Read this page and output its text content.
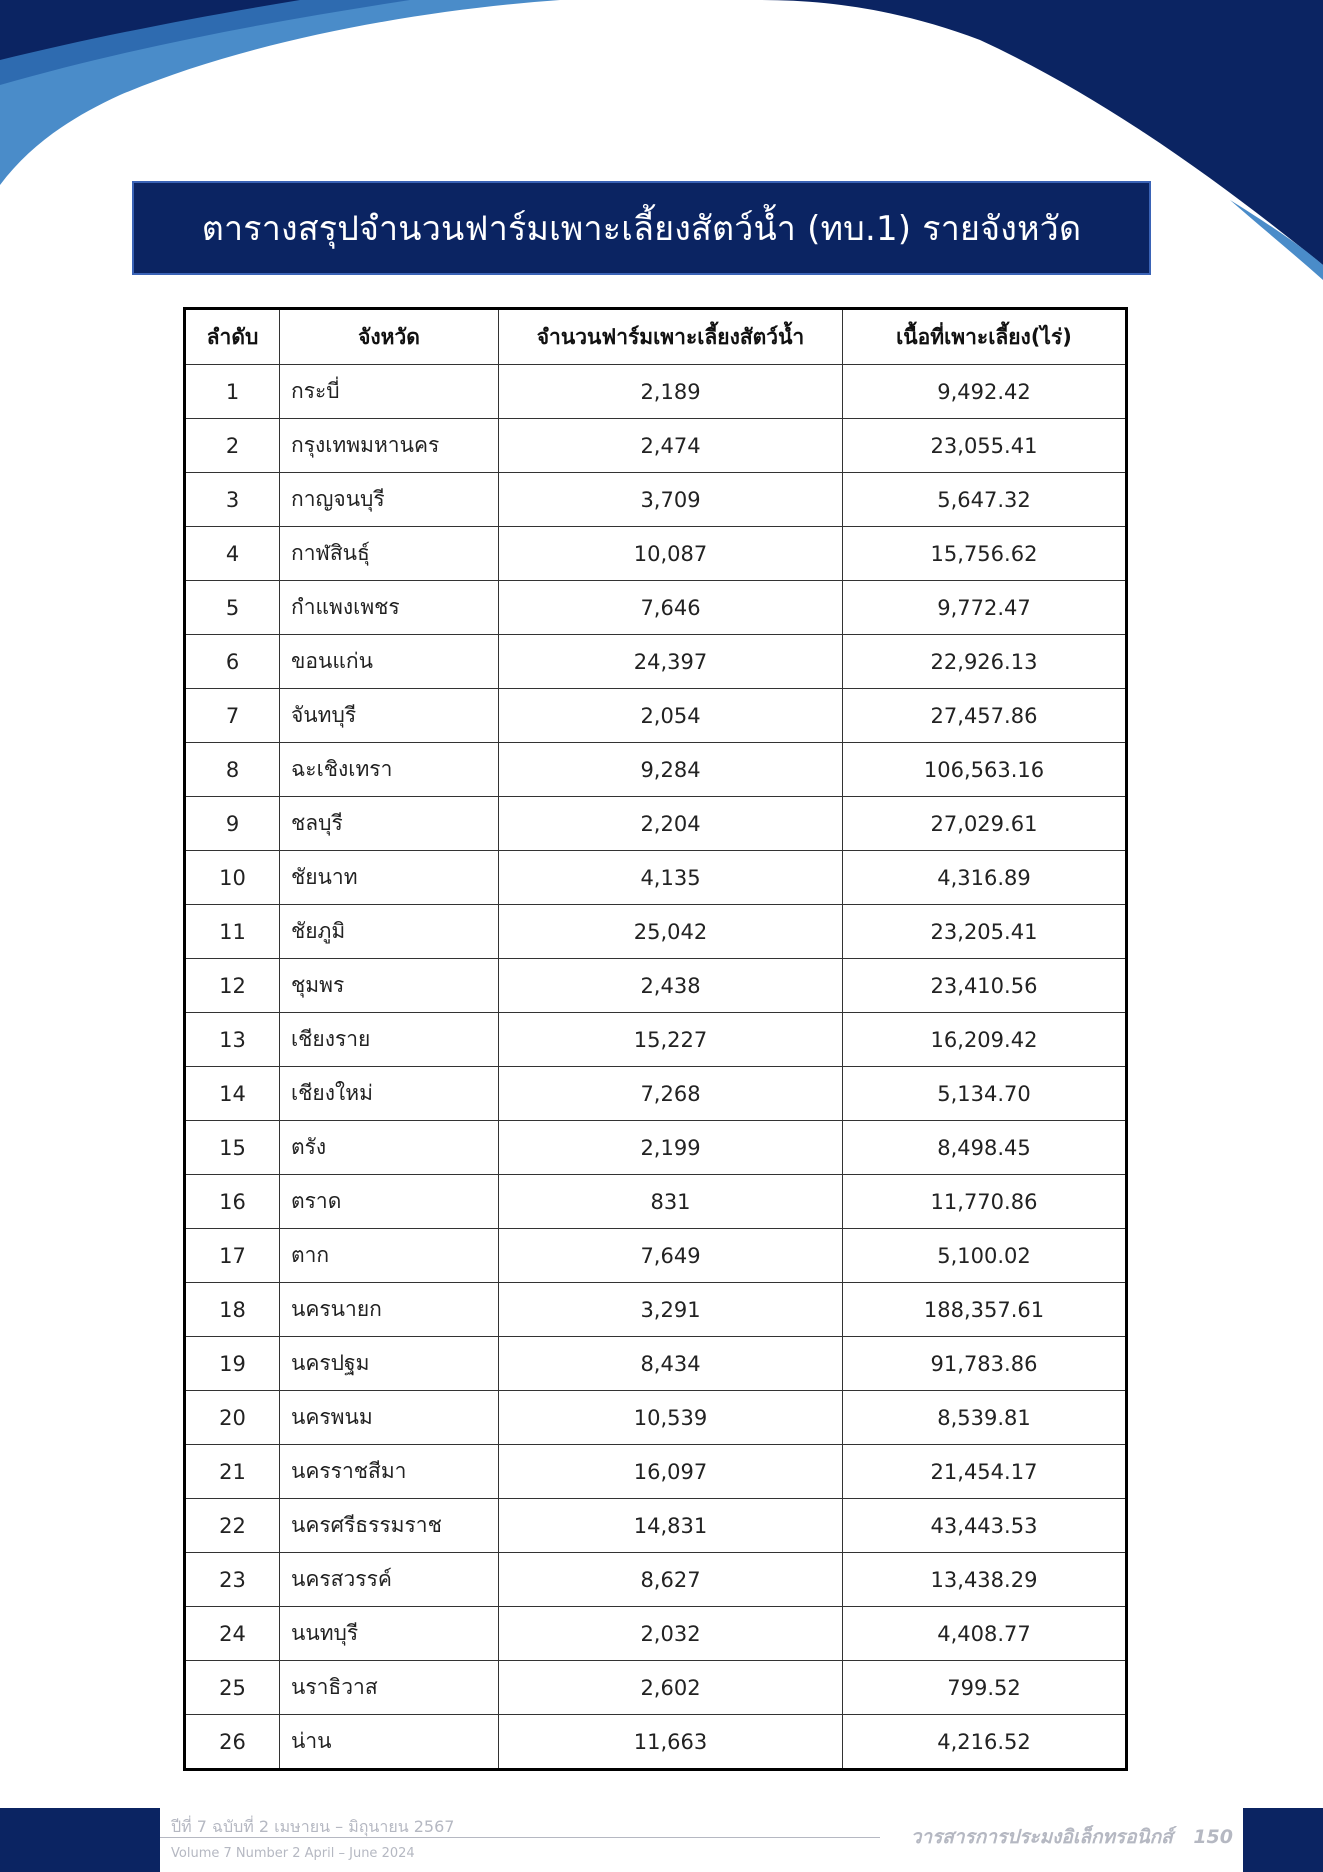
ตารางสรุปจำนวนฟาร์มเพาะเลี้ยงสัตว์น้ำ (ทบ.1) รายจังหวัด
ลำดับ	จังหวัด	จำนวนฟาร์มเพาะเลี้ยงสัตว์น้ำ	เนื้อที่เพาะเลี้ยง(ไร่)
1	กระบี่	2,189	9,492.42
2	กรุงเทพมหานคร	2,474	23,055.41
3	กาญจนบุรี	3,709	5,647.32
4	กาฬสินธุ์	10,087	15,756.62
5	กำแพงเพชร	7,646	9,772.47
6	ขอนแก่น	24,397	22,926.13
7	จันทบุรี	2,054	27,457.86
8	ฉะเชิงเทรา	9,284	106,563.16
9	ชลบุรี	2,204	27,029.61
10	ชัยนาท	4,135	4,316.89
11	ชัยภูมิ	25,042	23,205.41
12	ชุมพร	2,438	23,410.56
13	เชียงราย	15,227	16,209.42
14	เชียงใหม่	7,268	5,134.70
15	ตรัง	2,199	8,498.45
16	ตราด	831	11,770.86
17	ตาก	7,649	5,100.02
18	นครนายก	3,291	188,357.61
19	นครปฐม	8,434	91,783.86
20	นครพนม	10,539	8,539.81
21	นครราชสีมา	16,097	21,454.17
22	นครศรีธรรมราช	14,831	43,443.53
23	นครสวรรค์	8,627	13,438.29
24	นนทบุรี	2,032	4,408.77
25	นราธิวาส	2,602	799.52
26	น่าน	11,663	4,216.52
ปีที่ 7 ฉบับที่ 2 เมษายน – มิถุนายน 2567
Volume 7 Number 2 April – June 2024
วารสารการประมงอิเล็กทรอนิกส์ 150
